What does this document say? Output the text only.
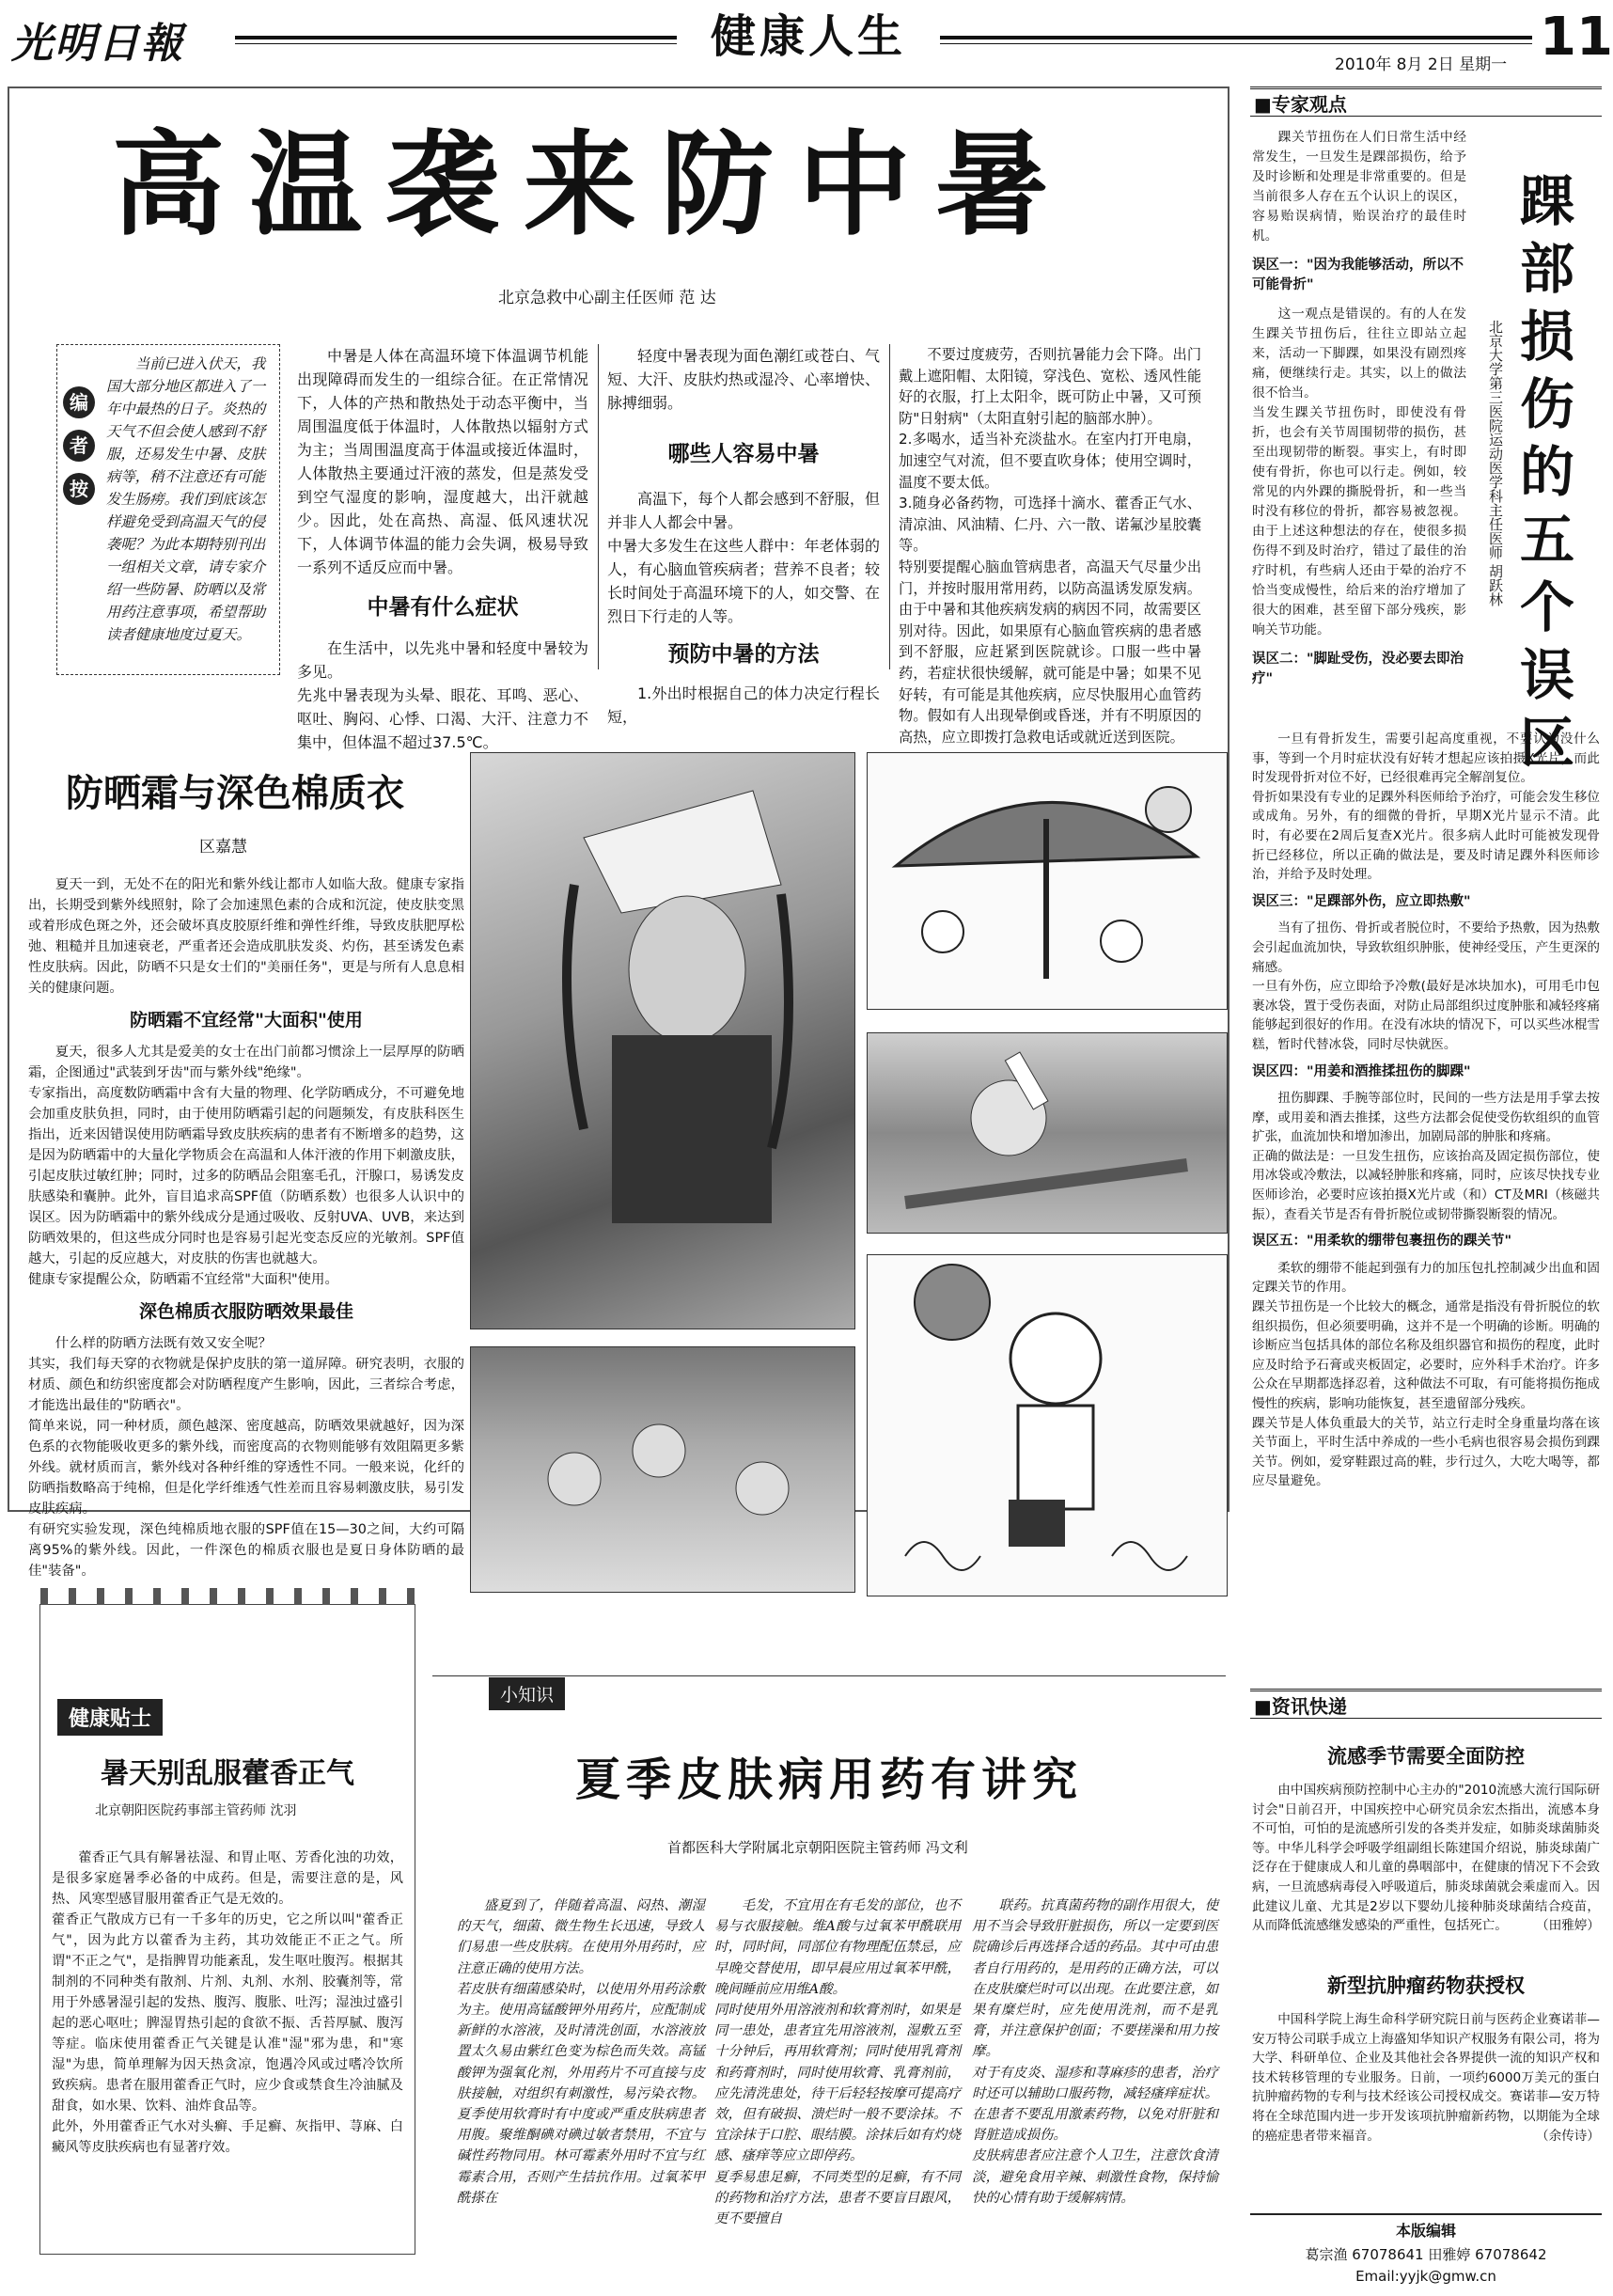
光明日報	健康人生	11
2010年 8月 2日 星期一
高温袭来防中暑
北京急救中心副主任医师 范 达
编
者
按
当前已进入伏天，我国大部分地区都进入了一年中最热的日子。炎热的天气不但会使人感到不舒服，还易发生中暑、皮肤病等，稍不注意还有可能发生肠痨。我们到底该怎样避免受到高温天气的侵袭呢？为此本期特别刊出一组相关文章，请专家介绍一些防暑、防晒以及常用药注意事项，希望帮助读者健康地度过夏天。

中暑是人体在高温环境下体温调节机能出现障碍而发生的一组综合征。在正常情况下，人体的产热和散热处于动态平衡中，当周围温度低于体温时，人体散热以辐射方式为主；当周围温度高于体温或接近体温时，人体散热主要通过汗液的蒸发，但是蒸发受到空气湿度的影响，湿度越大，出汗就越少。因此，处在高热、高湿、低风速状况下，人体调节体温的能力会失调，极易导致一系列不适反应而中暑。

中暑有什么症状

在生活中，以先兆中暑和轻度中暑较为多见。
先兆中暑表现为头晕、眼花、耳鸣、恶心、呕吐、胸闷、心悸、口渴、大汗、注意力不集中，但体温不超过37.5℃。

轻度中暑表现为面色潮红或苍白、气短、大汗、皮肤灼热或湿冷、心率增快、脉搏细弱。

哪些人容易中暑

高温下，每个人都会感到不舒服，但并非人人都会中暑。
中暑大多发生在这些人群中：年老体弱的人，有心脑血管疾病者；营养不良者；较长时间处于高温环境下的人，如交警、在烈日下行走的人等。

预防中暑的方法

1.外出时根据自己的体力决定行程长短，

不要过度疲劳，否则抗暑能力会下降。出门戴上遮阳帽、太阳镜，穿浅色、宽松、透风性能好的衣服，打上太阳伞，既可防止中暑，又可预防"日射病"（太阳直射引起的脑部水肿）。
2.多喝水，适当补充淡盐水。在室内打开电扇，加速空气对流，但不要直吹身体；使用空调时，温度不要太低。
3.随身必备药物，可选择十滴水、藿香正气水、清凉油、风油精、仁丹、六一散、诺氟沙星胶囊等。
特别要提醒心脑血管病患者，高温天气尽量少出门，并按时服用常用药，以防高温诱发原发病。由于中暑和其他疾病发病的病因不同，故需要区别对待。因此，如果原有心脑血管疾病的患者感到不舒服，应赶紧到医院就诊。口服一些中暑药，若症状很快缓解，就可能是中暑；如果不见好转，有可能是其他疾病，应尽快服用心血管药物。假如有人出现晕倒或昏迷，并有不明原因的高热，应立即拨打急救电话或就近送到医院。

防晒霜与深色棉质衣
区嘉慧

夏天一到，无处不在的阳光和紫外线让都市人如临大敌。健康专家指出，长期受到紫外线照射，除了会加速黑色素的合成和沉淀，使皮肤变黑或着形成色斑之外，还会破坏真皮胶原纤维和弹性纤维，导致皮肤肥厚松弛、粗糙并且加速衰老，严重者还会造成肌肤发炎、灼伤，甚至诱发色素性皮肤病。因此，防晒不只是女士们的"美丽任务"，更是与所有人息息相关的健康问题。

防晒霜不宜经常"大面积"使用

夏天，很多人尤其是爱美的女士在出门前都习惯涂上一层厚厚的防晒霜，企图通过"武装到牙齿"而与紫外线"绝缘"。
专家指出，高度数防晒霜中含有大量的物理、化学防晒成分，不可避免地会加重皮肤负担，同时，由于使用防晒霜引起的问题频发，有皮肤科医生指出，近来因错误使用防晒霜导致皮肤疾病的患者有不断增多的趋势，这是因为防晒霜中的大量化学物质会在高温和人体汗液的作用下刺激皮肤，引起皮肤过敏红肿；同时，过多的防晒品会阻塞毛孔，汗腺口，易诱发皮肤感染和囊肿。此外，盲目追求高SPF值（防晒系数）也很多人认识中的误区。因为防晒霜中的紫外线成分是通过吸收、反射UVA、UVB，来达到防晒效果的，但这些成分同时也是容易引起光变态反应的光敏剂。SPF值越大，引起的反应越大，对皮肤的伤害也就越大。
健康专家提醒公众，防晒霜不宜经常"大面积"使用。

深色棉质衣服防晒效果最佳

什么样的防晒方法既有效又安全呢？
其实，我们每天穿的衣物就是保护皮肤的第一道屏障。研究表明，衣服的材质、颜色和纺织密度都会对防晒程度产生影响，因此，三者综合考虑，才能选出最佳的"防晒衣"。
简单来说，同一种材质，颜色越深、密度越高，防晒效果就越好，因为深色系的衣物能吸收更多的紫外线，而密度高的衣物则能够有效阻隔更多紫外线。就材质而言，紫外线对各种纤维的穿透性不同。一般来说，化纤的防晒指数略高于纯棉，但是化学纤维透气性差而且容易刺激皮肤，易引发皮肤疾病。
有研究实验发现，深色纯棉质地衣服的SPF值在15—30之间，大约可隔离95%的紫外线。因此，一件深色的棉质衣服也是夏日身体防晒的最佳"装备"。

健康贴士
暑天别乱服藿香正气
北京朝阳医院药事部主管药师 沈羽
藿香正气具有解暑祛湿、和胃止呕、芳香化浊的功效，是很多家庭暑季必备的中成药。但是，需要注意的是，风热、风寒型感冒服用藿香正气是无效的。
藿香正气散成方已有一千多年的历史，它之所以叫"藿香正气"，因为此方以藿香为主药，其功效能正不正之气。所谓"不正之气"，是指脾胃功能紊乱，发生呕吐腹泻。根据其制剂的不同种类有散剂、片剂、丸剂、水剂、胶囊剂等，常用于外感暑湿引起的发热、腹泻、腹胀、吐泻；湿浊过盛引起的恶心呕吐；脾湿胃热引起的食欲不振、舌苔厚腻、腹泻等症。临床使用藿香正气关键是认准"湿"邪为患，和"寒湿"为患，简单理解为因天热贪凉，饱遇冷风或过嗜冷饮所致疾病。患者在服用藿香正气时，应少食或禁食生冷油腻及甜食，如水果、饮料、油炸食品等。
此外，外用藿香正气水对头癣、手足癣、灰指甲、荨麻、白癜风等皮肤疾病也有显著疗效。
小知识
夏季皮肤病用药有讲究
首都医科大学附属北京朝阳医院主管药师 冯文利
盛夏到了，伴随着高温、闷热、潮湿的天气，细菌、微生物生长迅速，导致人们易患一些皮肤病。在使用外用药时，应注意正确的使用方法。
若皮肤有细菌感染时，以使用外用药涂敷为主。使用高锰酸钾外用药片，应配制成新鲜的水溶液，及时清洗创面，水溶液放置太久易由紫红色变为棕色而失效。高锰酸钾为强氧化剂，外用药片不可直接与皮肤接触，对组织有刺激性，易污染衣物。夏季使用软膏时有中度或严重皮肤病患者用腹。聚维酮碘对碘过敏者禁用，不宜与碱性药物同用。林可霉素外用时不宜与红霉素合用，否则产生拮抗作用。过氧苯甲酰搽在
毛发，不宜用在有毛发的部位，也不易与衣服接触。维A酸与过氧苯甲酰联用时，同时间，同部位有物理配伍禁忌，应早晚交替使用，即早晨应用过氧苯甲酰，晚间睡前应用维A酸。
同时使用外用溶液剂和软膏剂时，如果是同一患处，患者宜先用溶液剂，湿敷五至十分钟后，再用软膏剂；同时使用乳膏剂和药膏剂时，同时使用软膏、乳膏剂前，应先清洗患处，待干后轻轻按摩可提高疗效，但有破损、溃烂时一般不要涂抹。不宜涂抹于口腔、眼结膜。涂抹后如有灼烧感、瘙痒等应立即停药。
夏季易患足癣，不同类型的足癣，有不同的药物和治疗方法，患者不要盲目跟风，更不要擅自
联药。抗真菌药物的副作用很大，使用不当会导致肝脏损伤，所以一定要到医院确诊后再选择合适的药品。其中可由患者自行用药的，是用药的正确方法，可以在皮肤糜烂时可以出现。在此要注意，如果有糜烂时，应先使用洗剂，而不是乳膏，并注意保护创面；不要搓澡和用力按摩。
对于有皮炎、湿疹和荨麻疹的患者，治疗时还可以辅助口服药物，减轻瘙痒症状。在患者不要乱用激素药物，以免对肝脏和肾脏造成损伤。
皮肤病患者应注意个人卫生，注意饮食清淡，避免食用辛辣、刺激性食物，保持愉快的心情有助于缓解病情。
■专家观点
踝部损伤的五个误区
北京大学第三医院运动医学科主任医师 胡跃林

踝关节扭伤在人们日常生活中经常发生，一旦发生是踝部损伤，给予及时诊断和处理是非常重要的。但是当前很多人存在五个认识上的误区，容易贻误病情，贻误治疗的最佳时机。

误区一："因为我能够活动，所以不可能骨折"

这一观点是错误的。有的人在发生踝关节扭伤后，往往立即站立起来，活动一下脚踝，如果没有剧烈疼痛，便继续行走。其实，以上的做法很不恰当。
当发生踝关节扭伤时，即使没有骨折，也会有关节周围韧带的损伤，甚至出现韧带的断裂。事实上，有时即使有骨折，你也可以行走。例如，较常见的内外踝的撕脱骨折，和一些当时没有移位的骨折，都容易被忽视。由于上述这种想法的存在，使很多损伤得不到及时治疗，错过了最佳的治疗时机，有些病人还由于晕的治疗不恰当变成慢性，给后来的治疗增加了很大的困难，甚至留下部分残疾，影响关节功能。

误区二："脚趾受伤，没必要去即治疗"

一旦有骨折发生，需要引起高度重视，不要认为没什么事，等到一个月时症状没有好转才想起应该拍摄X光片，而此时发现骨折对位不好，已经很难再完全解剖复位。
骨折如果没有专业的足踝外科医师给予治疗，可能会发生移位或成角。另外，有的细微的骨折，早期X光片显示不清。此时，有必要在2周后复查X光片。很多病人此时可能被发现骨折已经移位，所以正确的做法是，要及时请足踝外科医师诊治，并给予及时处理。

误区三："足踝部外伤，应立即热敷"

当有了扭伤、骨折或者脱位时，不要给予热敷，因为热敷会引起血流加快，导致软组织肿胀，使神经受压，产生更深的痛感。
一旦有外伤，应立即给予冷敷(最好是冰块加水)，可用毛巾包裹冰袋，置于受伤表面，对防止局部组织过度肿胀和减轻疼痛能够起到很好的作用。在没有冰块的情况下，可以买些冰棍雪糕，暂时代替冰袋，同时尽快就医。

误区四："用姜和酒推揉扭伤的脚踝"

扭伤脚踝、手腕等部位时，民间的一些方法是用手掌去按摩，或用姜和酒去推揉，这些方法都会促使受伤软组织的血管扩张，血流加快和增加渗出，加剧局部的肿胀和疼痛。
正确的做法是：一旦发生扭伤，应该抬高及固定损伤部位，使用冰袋或冷敷法，以减轻肿胀和疼痛，同时，应该尽快找专业医师诊治，必要时应该拍摄X光片或（和）CT及MRI（核磁共振），查看关节是否有骨折脱位或韧带撕裂断裂的情况。

误区五："用柔软的绷带包裹扭伤的踝关节"

柔软的绷带不能起到强有力的加压包扎控制减少出血和固定踝关节的作用。
踝关节扭伤是一个比较大的概念，通常是指没有骨折脱位的软组织损伤，但必须要明确，这并不是一个明确的诊断。明确的诊断应当包括具体的部位名称及组织器官和损伤的程度，此时应及时给予石膏或夹板固定，必要时，应外科手术治疗。许多公众在早期都选择忍着，这种做法不可取，有可能将损伤拖成慢性的疾病，影响功能恢复，甚至遗留部分残疾。
踝关节是人体负重最大的关节，站立行走时全身重量均落在该关节面上，平时生活中养成的一些小毛病也很容易会损伤到踝关节。例如，爱穿鞋跟过高的鞋，步行过久，大吃大喝等，都应尽量避免。

■资讯快递
流感季节需要全面防控

由中国疾病预防控制中心主办的"2010流感大流行国际研讨会"日前召开，中国疾控中心研究员余宏杰指出，流感本身不可怕，可怕的是流感所引发的各类并发症，如肺炎球菌肺炎等。中华儿科学会呼吸学组副组长陈建国介绍说，肺炎球菌广泛存在于健康成人和儿童的鼻咽部中，在健康的情况下不会致病，一旦流感病毒侵入呼吸道后，肺炎球菌就会乘虚而入。因此建议儿童、尤其是2岁以下婴幼儿接种肺炎球菌结合疫苗，从而降低流感继发感染的严重性，包括死亡。	（田雅婷）

新型抗肿瘤药物获授权

中国科学院上海生命科学研究院日前与医药企业赛诺菲—安万特公司联手成立上海盛知华知识产权服务有限公司，将为大学、科研单位、企业及其他社会各界提供一流的知识产权和技术转移管理的专业服务。日前，一项约6000万美元的蛋白抗肿瘤药物的专利与技术经该公司授权成交。赛诺菲—安万特将在全球范围内进一步开发该项抗肿瘤新药物，以期能为全球的癌症患者带来福音。	（余传诗）

本版编辑
葛宗渔 67078641 田雅婷 67078642
Email:yyjk@gmw.cn
